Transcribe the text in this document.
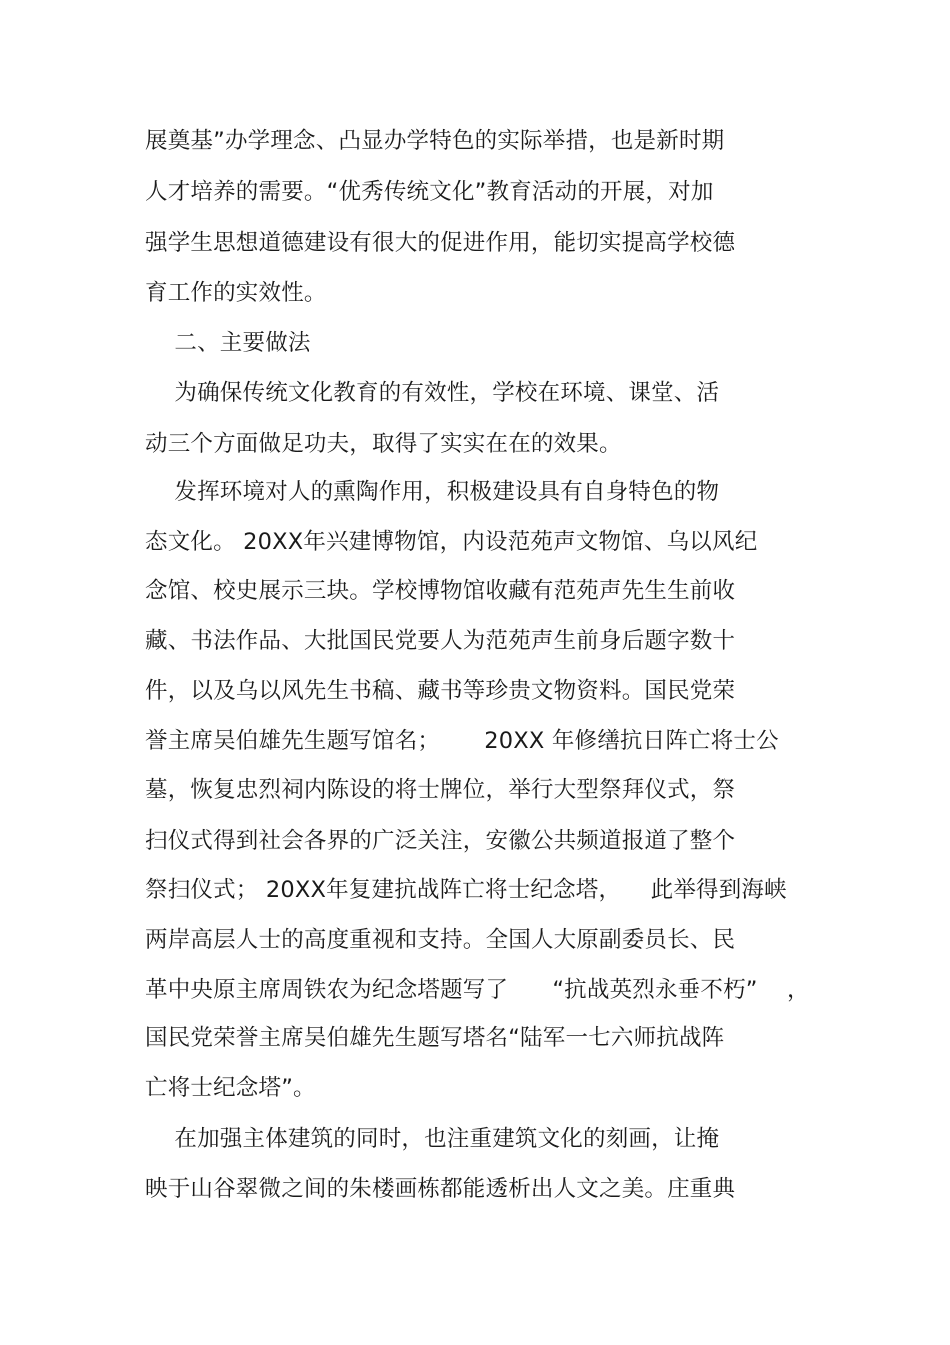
展奠基”办学理念、凸显办学特色的实际举措，也是新时期
人才培养的需要。“优秀传统文化”教育活动的开展，对加
强学生思想道德建设有很大的促进作用，能切实提高学校德
育工作的实效性。
二、主要做法
为确保传统文化教育的有效性，学校在环境、课堂、活
动三个方面做足功夫，取得了实实在在的效果。
发挥环境对人的熏陶作用，积极建设具有自身特色的物
态文化。 20XX年兴建博物馆，内设范苑声文物馆、乌以风纪
念馆、校史展示三块。学校博物馆收藏有范苑声先生生前收
藏、书法作品、大批国民党要人为范苑声生前身后题字数十
件，以及乌以风先生书稿、藏书等珍贵文物资料。国民党荣
誉主席吴伯雄先生题写馆名；      20XX 年修缮抗日阵亡将士公
墓，恢复忠烈祠内陈设的将士牌位，举行大型祭拜仪式，祭
扫仪式得到社会各界的广泛关注，安徽公共频道报道了整个
祭扫仪式； 20XX年复建抗战阵亡将士纪念塔，    此举得到海峡
两岸高层人士的高度重视和支持。全国人大原副委员长、民
革中央原主席周铁农为纪念塔题写了      “抗战英烈永垂不朽”    ，
国民党荣誉主席吴伯雄先生题写塔名“陆军一七六师抗战阵
亡将士纪念塔”。
在加强主体建筑的同时，也注重建筑文化的刻画，让掩
映于山谷翠微之间的朱楼画栋都能透析出人文之美。庄重典
